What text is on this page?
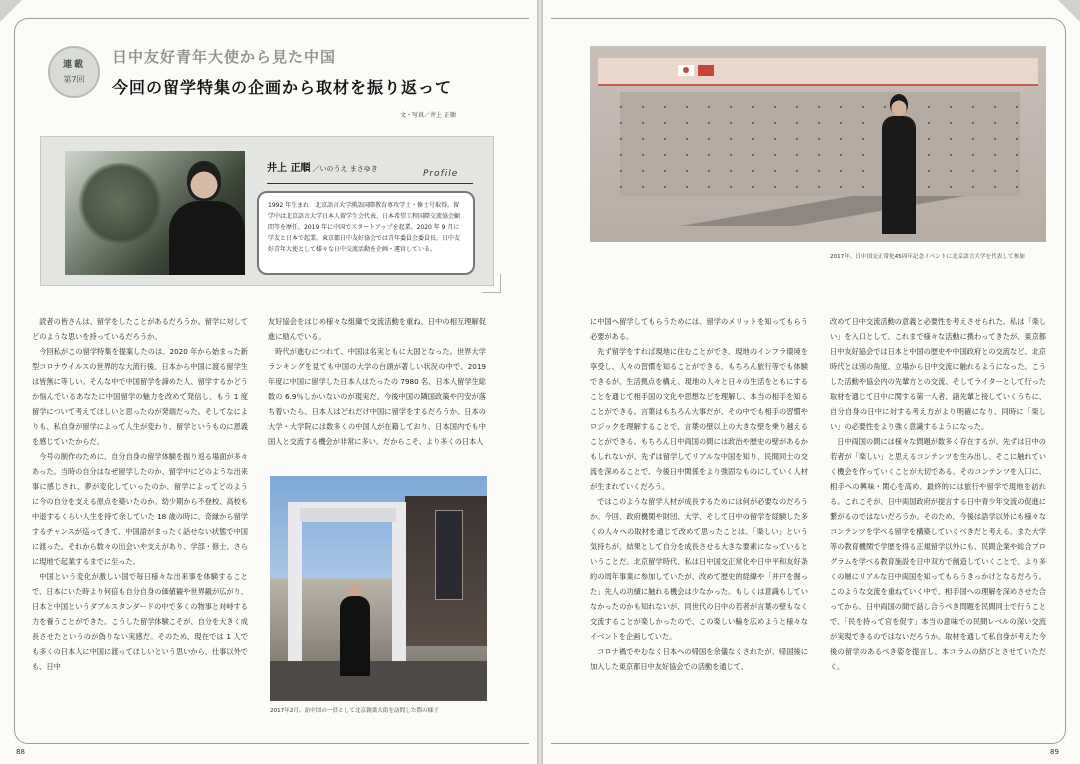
連載
第7回
日中友好青年大使から見た中国
今回の留学特集の企画から取材を振り返って
文・写真／井上 正順
井上 正順 ／いのうえ まさゆき	Profile
1992 年生まれ　北京語言大学漢語国際教育専攻学士・修士号取得。留学中は北京語言大学日本人留学生会代表、日本希望工程国際交流協会顧問等を歴任。2019 年に中国でスタートアップを起業。2020 年 9 月に学友と日本で起業。東京都日中友好協会では青年委員会委員長、日中友好青年大使として様々な日中交流活動を企画・運営している。

読者の皆さんは、留学をしたことがあるだろうか。留学に対してどのような思いを持っているだろうか。

今回私がこの留学特集を提案したのは、2020 年から始まった新型コロナウイルスの世界的な大流行後、日本から中国に渡る留学生は皆無に等しい。そんな中で中国留学を諦めた人、留学するかどうか悩んでいるあなたに中国留学の魅力を改めて発信し、もう 1 度留学について考えてほしいと思ったのが発端だった。そしてなによりも、私自身が留学によって人生が変わり、留学というものに恩義を感じていたからだ。

今号の制作のために、自分自身の留学体験を振り返る場面が多々あった。当時の自分はなぜ留学したのか、留学中にどのような出来事に感じされ、夢が変化していったのか、留学によってどのように今の自分を支える原点を築いたのか。幼少期から不登校、高校も中退するくらい人生を持て余していた 18 歳の時に、奇縁から留学するチャンスが巡ってきて、中国語がまったく話せない状態で中国に渡った。それから数々の出会いや支えがあり、学部・修士、さらに現地で起業するまでに至った。

中国という変化が激しい国で毎日様々な出来事を体験することで、日本にいた時より何倍も自分自身の価値観や世界観が広がり、日本と中国というダブルスタンダードの中で多くの物事と対峙する力を養うことができた。こうした留学体験こそが、自分を大きく成長させたというのが偽りない実感だ。そのため、現在では 1 人でも多くの日本人に中国に渡ってほしいという思いから、仕事以外でも、日中

友好協会をはじめ様々な組織で交流活動を重ね、日中の相互理解促進に励んでいる。

時代が進むにつれて、中国は名実ともに大国となった。世界大学ランキングを見ても中国の大学の台頭が著しい状況の中で、2019 年度に中国に留学した日本人はたったの 7980 名、日本人留学生総数の 6.9％しかいないのが現実だ。今後中国の隣国政策や円安が落ち着いたら、日本人はどれだけ中国に留学をするだろうか。日本の大学・大学院には数多くの中国人が在籍しており、日本国内でも中国人と交流する機会が非常に多い。だからこそ、より多くの日本人

2017年2月、訪中団の一員として北京創業大街を訪問した際の様子
88
2017年、日中国交正常化45周年記念イベントに北京語言大学を代表して参加

に中国へ留学してもらうためには、留学のメリットを知ってもらう必要がある。

先ず留学をすれば現地に住むことができ、現地のインフラ環境を享受し、人々の習慣を知ることができる。もちろん旅行等でも体験できるが、生活拠点を構え、現地の人々と日々の生活をともにすることを通じて相手国の文化や思想などを理解し、本当の相手を知ることができる。言葉はもちろん大事だが、その中でも相手の習慣やロジックを理解することで、言葉の壁以上の大きな壁を乗り越えることができる。もちろん日中両国の間には政治や歴史の壁があるかもしれないが、先ずは留学してリアルな中国を知り、民間同士の交流を深めることで、今後日中関係をより強固なものにしていく人材が生まれていくだろう。

ではこのような留学人材が成長するためには何が必要なのだろうか。今回、政府機関や財団、大学、そして日中の留学を経験した多くの人々への取材を通じて改めて思ったことは、「楽しい」という気持ちが、結果として自分を成長させる大きな要素になっているということだ。北京留学時代、私は日中国交正常化や日中平和友好条約の周年事業に参加していたが、改めて歴史的経緯や「井戸を掘った」先人の功績に触れる機会は少なかった。もしくは意識もしていなかったのかも知れないが、同世代の日中の若者が言葉の壁もなく交流することが楽しかったので、この楽しい輪を広めようと様々なイベントを企画していた。

コロナ禍でやむなく日本への帰国を余儀なくされたが、帰国後に加入した東京都日中友好協会での活動を通じて、

改めて日中交流活動の意義と必要性を考えさせられた。私は「楽しい」を入口として、これまで様々な活動に携わってきたが、東京都日中友好協会では日本と中国の歴史や中国政府との交流など、北京時代とは別の角度、立場から日中交流に触れるようになった。こうした活動や協会内の先輩方との交流、そしてライターとして行った取材を通じて日中に関する第一人者、諸先輩と接していくうちに、自分自身の日中に対する考え方がより明確になり、同時に「楽しい」の必要性をより強く意識するようになった。

日中両国の間には様々な問題が数多く存在するが、先ずは日中の若者が「楽しい」と思えるコンテンツを生み出し、そこに触れていく機会を作っていくことが大切である。そのコンテンツを入口に、相手への興味・関心を高め、最終的には旅行や留学で現地を訪れる。これこそが、日中両国政府が提言する日中青少年交流の促進に繋がるのではないだろうか。そのため、今後は語学以外にも様々なコンテンツを学べる留学を構築していくべきだと考える。また大学等の教育機関で学歴を得る正規留学以外にも、民間企業や総合プログラムを学べる教育施設を日中双方で創造していくことで、より多くの層にリアルな日中両国を知ってもらうきっかけとなるだろう。このような交流を重ねていく中で、相手国への理解を深めさせた合ってから、日中両国の間で話し合うべき問題を民間同士で行うことで、「民を持って官を促す」本当の意味での民間レベルの深い交流が実現できるのではないだろうか。取材を通して私自身が考えた今後の留学のあるべき姿を提言し、本コラムの結びとさせていただく。

89
